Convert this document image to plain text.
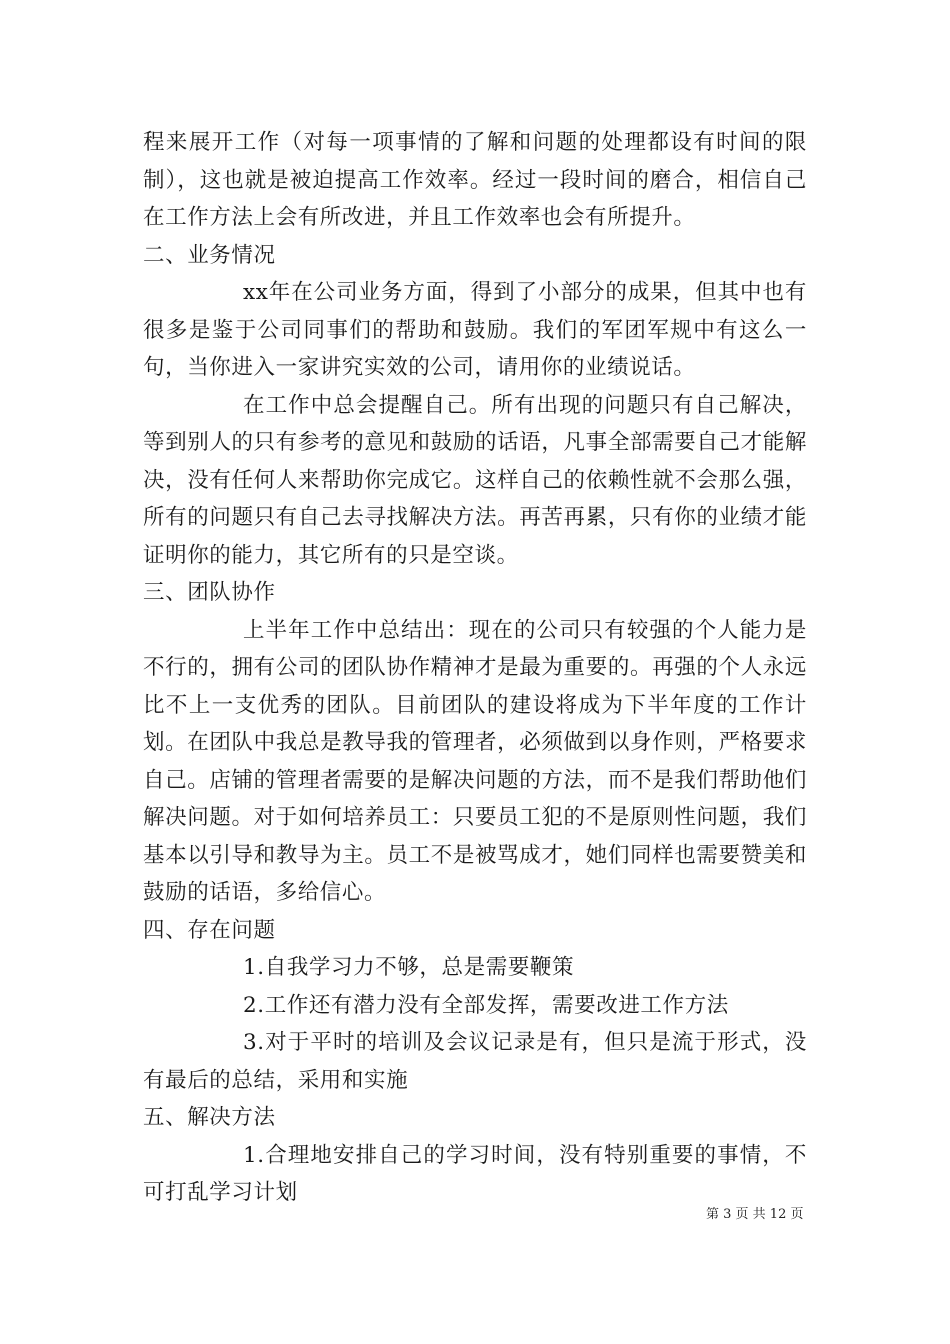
程来展开工作（对每一项事情的了解和问题的处理都设有时间的限制），这也就是被迫提高工作效率。经过一段时间的磨合，相信自己在工作方法上会有所改进，并且工作效率也会有所提升。

二、业务情况

xx年在公司业务方面，得到了小部分的成果，但其中也有很多是鉴于公司同事们的帮助和鼓励。我们的军团军规中有这么一句，当你进入一家讲究实效的公司，请用你的业绩说话。

在工作中总会提醒自己。所有出现的问题只有自己解决，等到别人的只有参考的意见和鼓励的话语，凡事全部需要自己才能解决，没有任何人来帮助你完成它。这样自己的依赖性就不会那么强，所有的问题只有自己去寻找解决方法。再苦再累，只有你的业绩才能证明你的能力，其它所有的只是空谈。

三、团队协作

上半年工作中总结出：现在的公司只有较强的个人能力是不行的，拥有公司的团队协作精神才是最为重要的。再强的个人永远比不上一支优秀的团队。目前团队的建设将成为下半年度的工作计划。在团队中我总是教导我的管理者，必须做到以身作则，严格要求自己。店铺的管理者需要的是解决问题的方法，而不是我们帮助他们解决问题。对于如何培养员工：只要员工犯的不是原则性问题，我们基本以引导和教导为主。员工不是被骂成才，她们同样也需要赞美和鼓励的话语，多给信心。

四、存在问题

1.自我学习力不够，总是需要鞭策

2.工作还有潜力没有全部发挥，需要改进工作方法

3.对于平时的培训及会议记录是有，但只是流于形式，没有最后的总结，采用和实施

五、解决方法

1.合理地安排自己的学习时间，没有特别重要的事情，不可打乱学习计划

第 3 页 共 12 页
